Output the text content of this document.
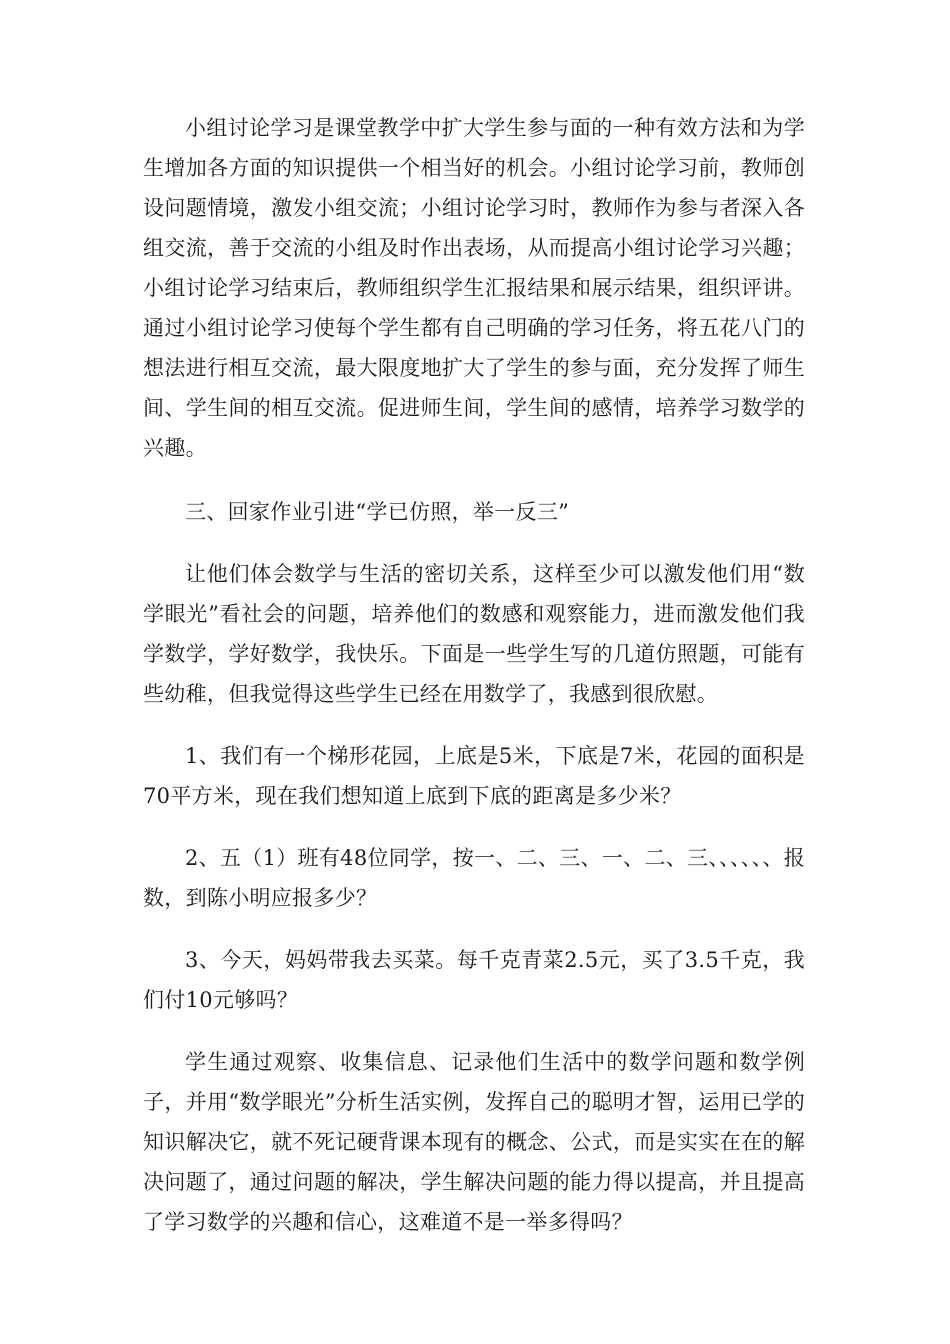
小组讨论学习是课堂教学中扩大学生参与面的一种有效方法和为学生增加各方面的知识提供一个相当好的机会。小组讨论学习前，教师创设问题情境，激发小组交流；小组讨论学习时，教师作为参与者深入各组交流，善于交流的小组及时作出表场，从而提高小组讨论学习兴趣；小组讨论学习结束后，教师组织学生汇报结果和展示结果，组织评讲。通过小组讨论学习使每个学生都有自己明确的学习任务，将五花八门的想法进行相互交流，最大限度地扩大了学生的参与面，充分发挥了师生间、学生间的相互交流。促进师生间，学生间的感情，培养学习数学的兴趣。

三、回家作业引进“学已仿照，举一反三”

让他们体会数学与生活的密切关系，这样至少可以激发他们用“数学眼光”看社会的问题，培养他们的数感和观察能力，进而激发他们我学数学，学好数学，我快乐。下面是一些学生写的几道仿照题，可能有些幼稚，但我觉得这些学生已经在用数学了，我感到很欣慰。

1、我们有一个梯形花园，上底是5米，下底是7米，花园的面积是70平方米，现在我们想知道上底到下底的距离是多少米？

2、五（1）班有48位同学，按一、二、三、一、二、三、、、、、、报数，到陈小明应报多少？

3、今天，妈妈带我去买菜。每千克青菜2.5元，买了3.5千克，我们付10元够吗？

学生通过观察、收集信息、记录他们生活中的数学问题和数学例子，并用“数学眼光”分析生活实例，发挥自己的聪明才智，运用已学的知识解决它，就不死记硬背课本现有的概念、公式，而是实实在在的解决问题了，通过问题的解决，学生解决问题的能力得以提高，并且提高了学习数学的兴趣和信心，这难道不是一举多得吗？
